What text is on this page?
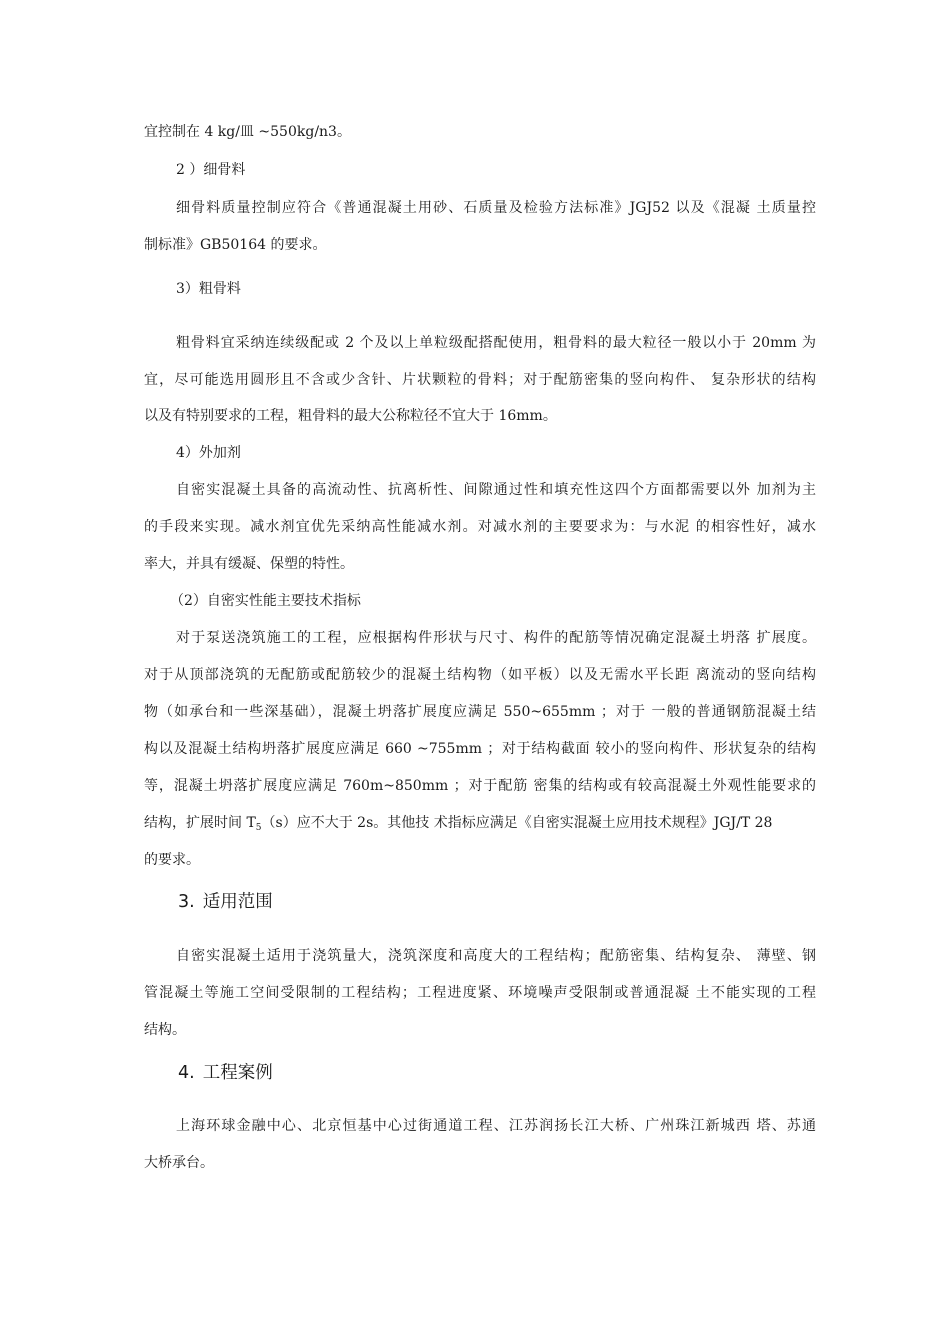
宜控制在 4 kg/皿 ~550kg/n3。
2 ）细骨料
细骨料质量控制应符合《普通混凝土用砂、石质量及检验方法标准》JGJ52 以及《混凝 土质量控
制标准》GB50164 的要求。
3）粗骨料
粗骨料宜采纳连续级配或 2 个及以上单粒级配搭配使用，粗骨料的最大粒径一般以小于 20mm 为
宜，尽可能选用圆形且不含或少含针、片状颗粒的骨料；对于配筋密集的竖向构件、 复杂形状的结构
以及有特别要求的工程，粗骨料的最大公称粒径不宜大于 16mm。
4）外加剂
自密实混凝土具备的高流动性、抗离析性、间隙通过性和填充性这四个方面都需要以外 加剂为主
的手段来实现。减水剂宜优先采纳高性能减水剂。对减水剂的主要要求为：与水泥 的相容性好，减水
率大，并具有缓凝、保塑的特性。
（2）自密实性能主要技术指标
对于泵送浇筑施工的工程，应根据构件形状与尺寸、构件的配筋等情况确定混凝土坍落 扩展度。
对于从顶部浇筑的无配筋或配筋较少的混凝土结构物（如平板）以及无需水平长距 离流动的竖向结构
物（如承台和一些深基础），混凝土坍落扩展度应满足 550~655mm ；对于 一般的普通钢筋混凝土结
构以及混凝土结构坍落扩展度应满足 660 ~755mm ；对于结构截面 较小的竖向构件、形状复杂的结构
等，混凝土坍落扩展度应满足 760m~850mm ；对于配筋 密集的结构或有较高混凝土外观性能要求的
结构，扩展时间 $T_5(s)$应不大于 2s。其他技 术指标应满足《自密实混凝土应用技术规程》JGJ/T 28
的要求。
3. 适用范围
自密实混凝土适用于浇筑量大，浇筑深度和高度大的工程结构；配筋密集、结构复杂、 薄壁、钢
管混凝土等施工空间受限制的工程结构；工程进度紧、环境噪声受限制或普通混凝 土不能实现的工程
结构。
4. 工程案例
上海环球金融中心、北京恒基中心过街通道工程、江苏润扬长江大桥、广州珠江新城西 塔、苏通
大桥承台。
